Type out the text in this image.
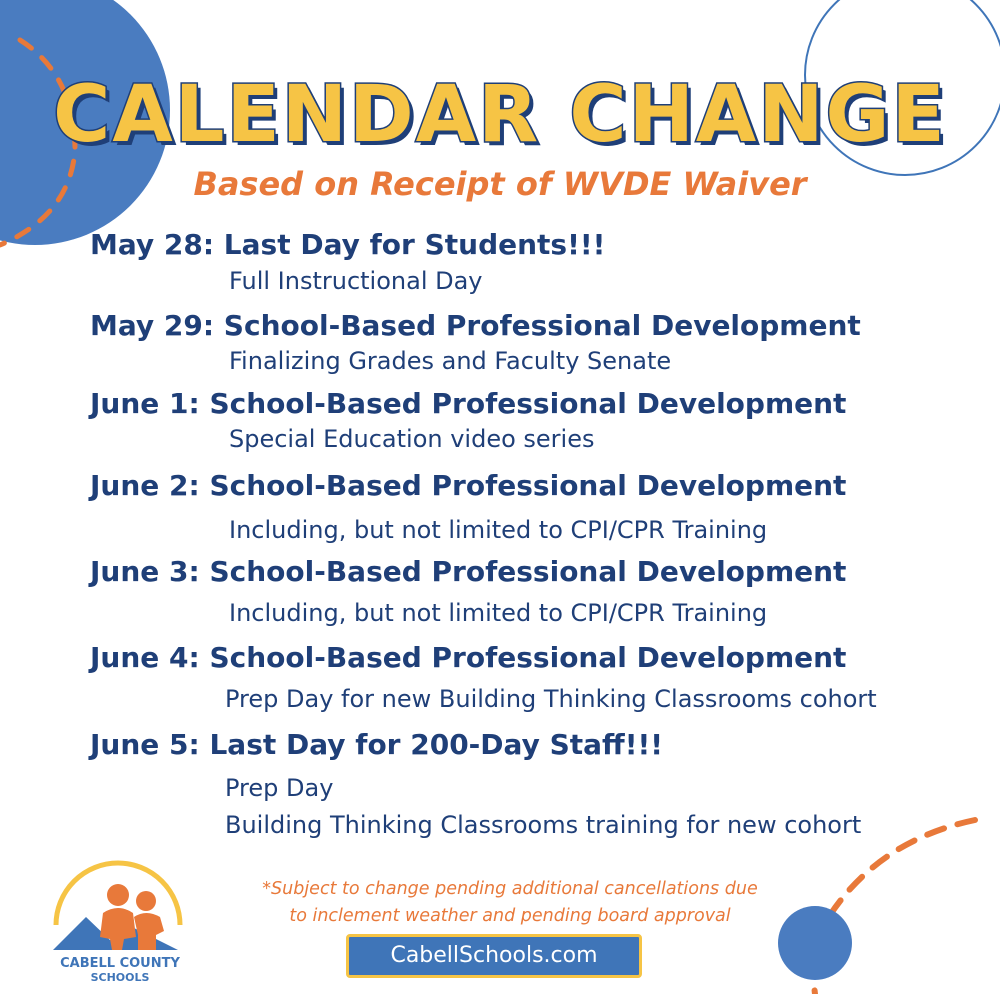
CALENDAR CHANGE
Based on Receipt of WVDE Waiver
May 28: Last Day for Students!!!
Full Instructional Day
May 29: School-Based Professional Development
Finalizing Grades and Faculty Senate
June 1: School-Based Professional Development
Special Education video series
June 2: School-Based Professional Development
Including, but not limited to CPI/CPR Training
June 3: School-Based Professional Development
Including, but not limited to CPI/CPR Training
June 4: School-Based Professional Development
Prep Day for new Building Thinking Classrooms cohort
June 5: Last Day for 200-Day Staff!!!
Prep Day
Building Thinking Classrooms training for new cohort
*Subject to change pending additional cancellations due
to inclement weather and pending board approval
CabellSchools.com
CABELL COUNTY
SCHOOLS
